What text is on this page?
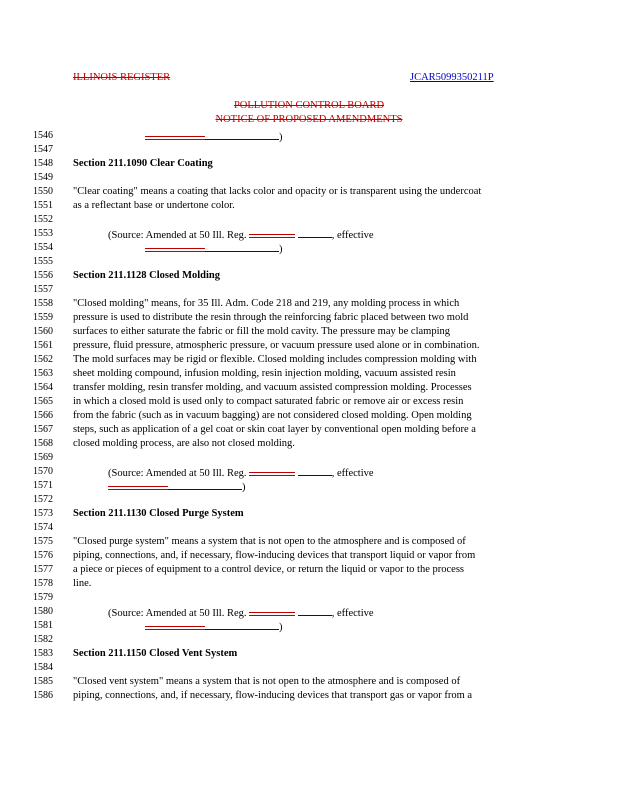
ILLINOIS REGISTER	JCAR5099350211P
POLLUTION CONTROL BOARD
NOTICE OF PROPOSED AMENDMENTS
1546
1547
1548
1549
1550
1551
1552
1553
1554
1555
1556
1557
1558
1559
1560
1561
1562
1563
1564
1565
1566
1567
1568
1569
1570
1571
1572
1573
1574
1575
1576
1577
1578
1579
1580
1581
1582
1583
1584
1585
1586
)
Section 211.1090 Clear Coating
"Clear coating" means a coating that lacks color and opacity or is transparent using the undercoat
as a reflectant base or undertone color.
(Source: Amended at 50 Ill. Reg.	, effective
)
Section 211.1128 Closed Molding
"Closed molding" means, for 35 Ill. Adm. Code 218 and 219, any molding process in which
pressure is used to distribute the resin through the reinforcing fabric placed between two mold
surfaces to either saturate the fabric or fill the mold cavity. The pressure may be clamping
pressure, fluid pressure, atmospheric pressure, or vacuum pressure used alone or in combination.
The mold surfaces may be rigid or flexible. Closed molding includes compression molding with
sheet molding compound, infusion molding, resin injection molding, vacuum assisted resin
transfer molding, resin transfer molding, and vacuum assisted compression molding. Processes
in which a closed mold is used only to compact saturated fabric or remove air or excess resin
from the fabric (such as in vacuum bagging) are not considered closed molding. Open molding
steps, such as application of a gel coat or skin coat layer by conventional open molding before a
closed molding process, are also not closed molding.
(Source: Amended at 50 Ill. Reg.	, effective
)
Section 211.1130 Closed Purge System
"Closed purge system" means a system that is not open to the atmosphere and is composed of
piping, connections, and, if necessary, flow-inducing devices that transport liquid or vapor from
a piece or pieces of equipment to a control device, or return the liquid or vapor to the process
line.
(Source: Amended at 50 Ill. Reg.	, effective
)
Section 211.1150 Closed Vent System
"Closed vent system" means a system that is not open to the atmosphere and is composed of
piping, connections, and, if necessary, flow-inducing devices that transport gas or vapor from a
